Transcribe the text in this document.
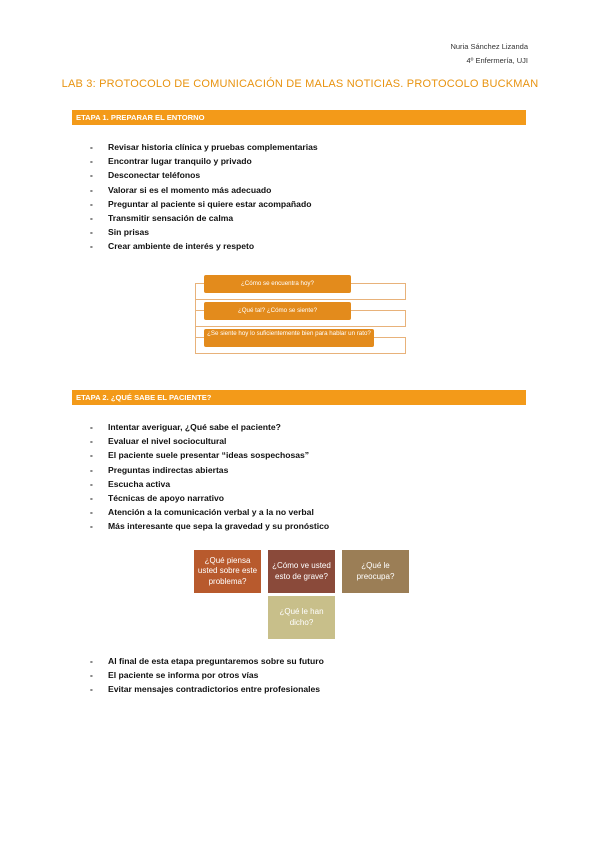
Nuria Sánchez Lizanda
4º Enfermería, UJI
LAB 3: PROTOCOLO DE COMUNICACIÓN DE MALAS NOTICIAS. PROTOCOLO BUCKMAN
ETAPA 1. PREPARAR EL ENTORNO
- Revisar historia clínica y pruebas complementarias
- Encontrar lugar tranquilo y privado
- Desconectar teléfonos
- Valorar si es el momento más adecuado
- Preguntar al paciente si quiere estar acompañado
- Transmitir sensación de calma
- Sin prisas
- Crear ambiente de interés y respeto
¿Cómo se encuentra hoy?
¿Qué tal? ¿Cómo se siente?
¿Se siente hoy lo suficientemente bien para hablar un rato?
ETAPA 2. ¿QUÉ SABE EL PACIENTE?
- Intentar averiguar, ¿Qué sabe el paciente?
- Evaluar el nivel sociocultural
- El paciente suele presentar “ideas sospechosas”
- Preguntas indirectas abiertas
- Escucha activa
- Técnicas de apoyo narrativo
- Atención a la comunicación verbal y a la no verbal
- Más interesante que sepa la gravedad y su pronóstico
¿Qué piensa usted sobre este problema?
¿Cómo ve usted esto de grave?
¿Qué le preocupa?
¿Qué le han dicho?
- Al final de esta etapa preguntaremos sobre su futuro
- El paciente se informa por otros vías
- Evitar mensajes contradictorios entre profesionales
